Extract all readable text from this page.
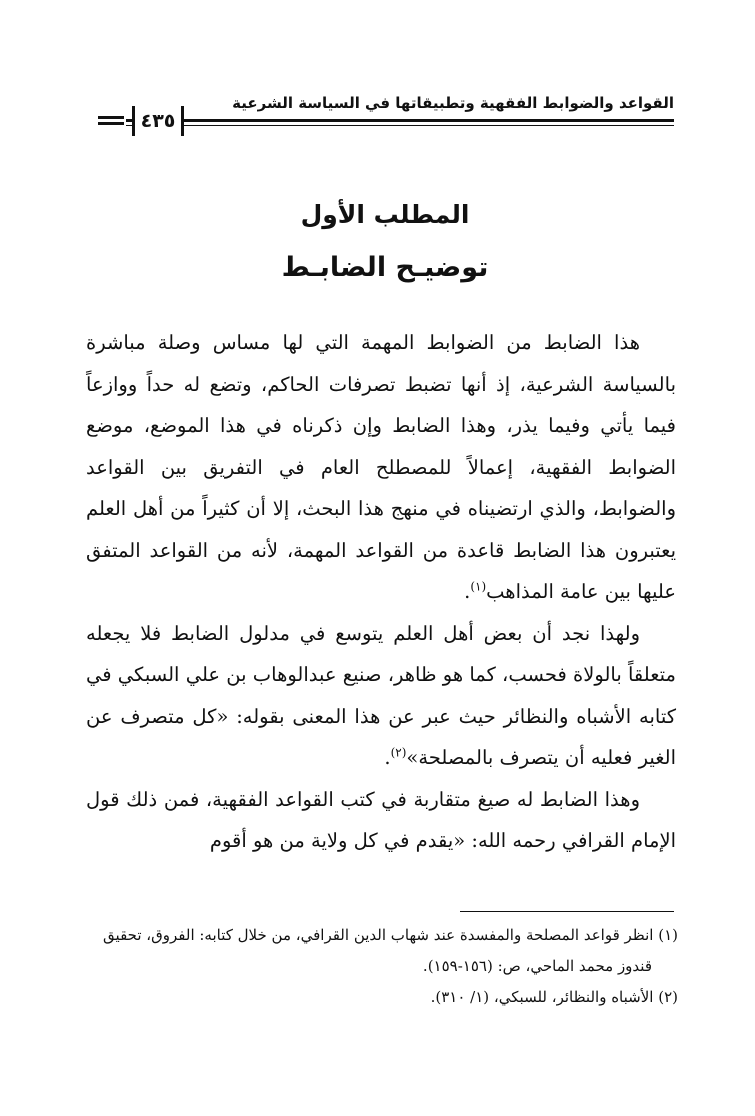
القواعد والضوابط الفقهية وتطبيقاتها في السياسة الشرعية
٤٣٥
المطلب الأول
توضيـح الضابـط

هذا الضابط من الضوابط المهمة التي لها مساس وصلة مباشرة بالسياسة الشرعية، إذ أنها تضبط تصرفات الحاكم، وتضع له حداً ووازعاً فيما يأتي وفيما يذر، وهذا الضابط وإن ذكرناه في هذا الموضع، موضع الضوابط الفقهية، إعمالاً للمصطلح العام في التفريق بين القواعد والضوابط، والذي ارتضيناه في منهج هذا البحث، إلا أن كثيراً من أهل العلم يعتبرون هذا الضابط قاعدة من القواعد المهمة، لأنه من القواعد المتفق عليها بين عامة المذاهب$^{(١)}$.

ولهذا نجد أن بعض أهل العلم يتوسع في مدلول الضابط فلا يجعله متعلقاً بالولاة فحسب، كما هو ظاهر، صنيع عبدالوهاب بن علي السبكي في كتابه الأشباه والنظائر حيث عبر عن هذا المعنى بقوله: «كل متصرف عن الغير فعليه أن يتصرف بالمصلحة»$^{(٢)}$.

وهذا الضابط له صيغ متقاربة في كتب القواعد الفقهية، فمن ذلك قول الإمام القرافي رحمه الله: «يقدم في كل ولاية من هو أقوم

(١) انظر قواعد المصلحة والمفسدة عند شهاب الدين القرافي، من خلال كتابه: الفروق، تحقيق

قندوز محمد الماحي، ص: (١٥٦-١٥٩).

(٢) الأشباه والنظائر، للسبكي، (١/ ٣١٠).
